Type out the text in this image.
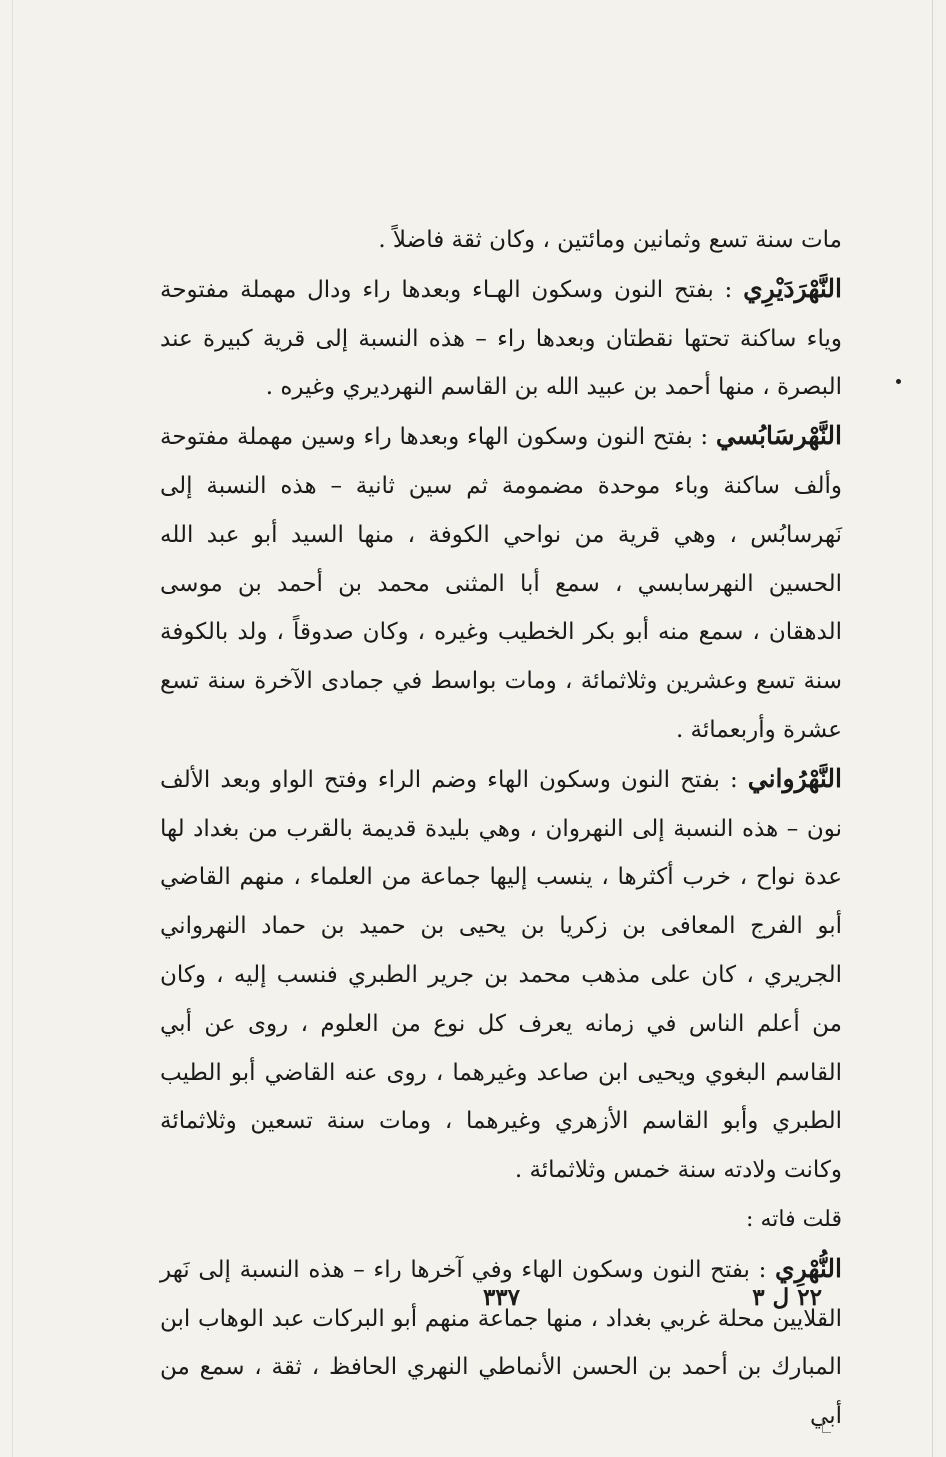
مات سنة تسع وثمانين ومائتين ، وكان ثقة فاضلاً .

النَّهْرَدَيْرِي : بفتح النون وسكون الهـاء وبعدها راء ودال مهملة مفتوحة وياء ساكنة تحتها نقطتان وبعدها راء – هذه النسبة إلى قرية كبيرة عند البصرة ، منها أحمد بن عبيد الله بن القاسم النهرديري وغيره .

النَّهْرسَابُسي : بفتح النون وسكون الهاء وبعدها راء وسين مهملة مفتوحة وألف ساكنة وباء موحدة مضمومة ثم سين ثانية – هذه النسبة إلى نَهرسابُس ، وهي قرية من نواحي الكوفة ، منها السيد أبو عبد الله الحسين النهرسابسي ، سمع أبا المثنى محمد بن أحمد بن موسى الدهقان ، سمع منه أبو بكر الخطيب وغيره ، وكان صدوقاً ، ولد بالكوفة سنة تسع وعشرين وثلاثمائة ، ومات بواسط في جمادى الآخرة سنة تسع عشرة وأربعمائة .

النَّهْرُواني : بفتح النون وسكون الهاء وضم الراء وفتح الواو وبعد الألف نون – هذه النسبة إلى النهروان ، وهي بليدة قديمة بالقرب من بغداد لها عدة نواح ، خرب أكثرها ، ينسب إليها جماعة من العلماء ، منهم القاضي أبو الفرج المعافى بن زكريا بن يحيى بن حميد بن حماد النهرواني الجريري ، كان على مذهب محمد بن جرير الطبري فنسب إليه ، وكان من أعلم الناس في زمانه يعرف كل نوع من العلوم ، روى عن أبي القاسم البغوي ويحيى ابن صاعد وغيرهما ، روى عنه القاضي أبو الطيب الطبري وأبو القاسم الأزهري وغيرهما ، ومات سنة تسعين وثلاثمائة وكانت ولادته سنة خمس وثلاثمائة .

قلت فاته :

النُّهْرِي : بفتح النون وسكون الهاء وفي آخرها راء – هذه النسبة إلى نَهر القلايين محلة غربي بغداد ، منها جماعة منهم أبو البركات عبد الوهاب ابن المبارك بن أحمد بن الحسن الأنماطي النهري الحافظ ، ثقة ، سمع من أبي

٢٢ ل ٣
٣٣٧
